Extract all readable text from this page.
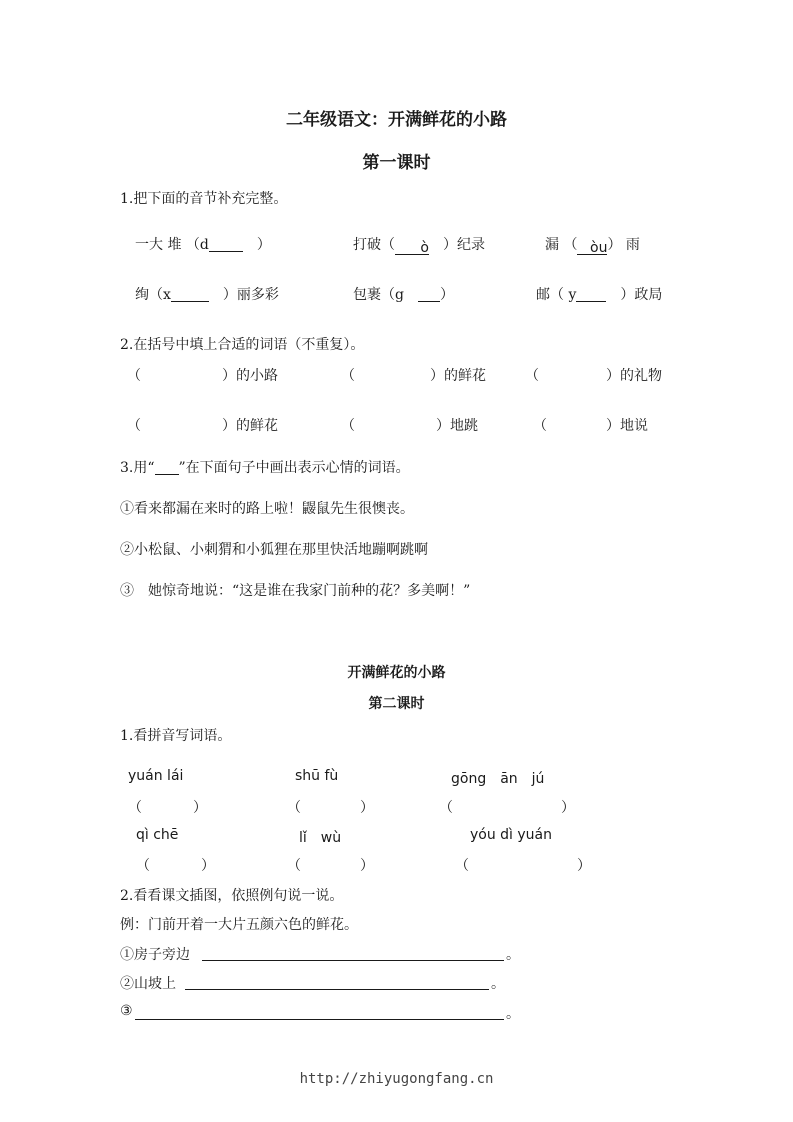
二年级语文：开满鲜花的小路
第一课时
1.把下面的音节补充完整。
一大 堆 （d　	）	打破（ ò　 ）纪录	漏 （ òu） 雨
绚（x　	）丽多彩	包裹（g　	）	邮（ y　	）政局
2.在括号中填上合适的词语（不重复）。
（	）的小路	（	）的鲜花	（	）的礼物
（	）的鲜花	（	）地跳	（	）地说
3.用“ ”在下面句子中画出表示心情的词语。
①看来都漏在来时的路上啦！鼹鼠先生很懊丧。
②小松鼠、小刺猬和小狐狸在那里快活地蹦啊跳啊
③　她惊奇地说：“这是谁在我家门前种的花？多美啊！”
开满鲜花的小路
第二课时
1.看拼音写词语。
yuán lái	shū fù	gōng　ān　jú
（	）	（	）	（	）
qì chē	lǐ　wù	yóu dì yuán
（	）	（	）	（	）
2.看看课文插图，依照例句说一说。
例：门前开着一大片五颜六色的鲜花。
①房子旁边	。
②山坡上	。
③	。
http://zhiyugongfang.cn
